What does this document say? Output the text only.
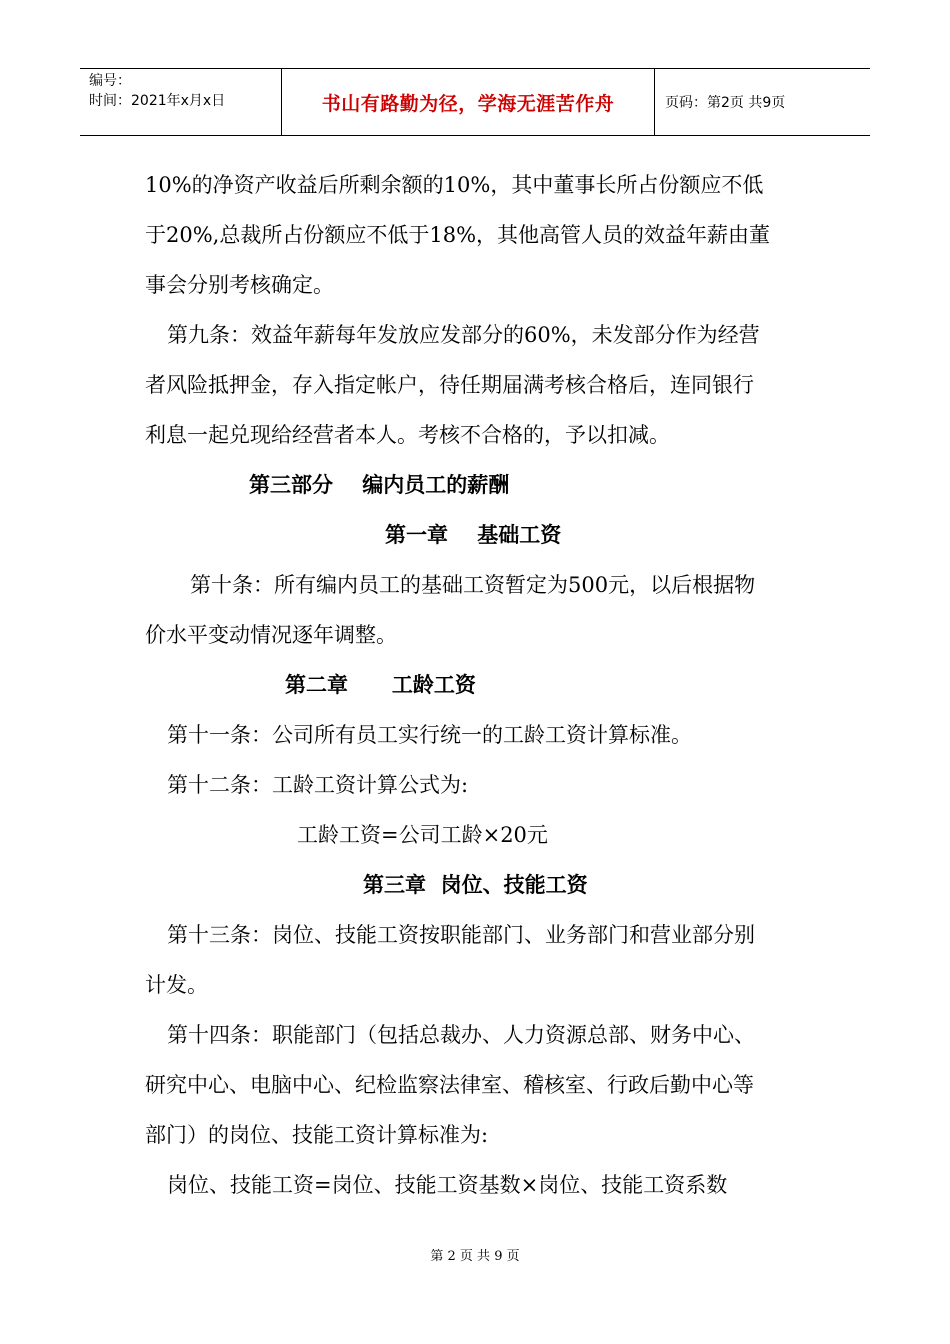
编号：
时间：2021年x月x日	书山有路勤为径，学海无涯苦作舟	页码：第2页 共9页

10%的净资产收益后所剩余额的10%，其中董事长所占份额应不低

于20%,总裁所占份额应不低于18%，其他高管人员的效益年薪由董

事会分别考核确定。

第九条：效益年薪每年发放应发部分的60%，未发部分作为经营

者风险抵押金，存入指定帐户，待任期届满考核合格后，连同银行

利息一起兑现给经营者本人。考核不合格的，予以扣减。

第三部分    编内员工的薪酬

第一章    基础工资

第十条：所有编内员工的基础工资暂定为500元，以后根据物

价水平变动情况逐年调整。

第二章      工龄工资

第十一条：公司所有员工实行统一的工龄工资计算标准。

第十二条：工龄工资计算公式为:

工龄工资=公司工龄×20元

第三章  岗位、技能工资

第十三条：岗位、技能工资按职能部门、业务部门和营业部分别

计发。

第十四条：职能部门（包括总裁办、人力资源总部、财务中心、

研究中心、电脑中心、纪检监察法律室、稽核室、行政后勤中心等

部门）的岗位、技能工资计算标准为:

岗位、技能工资=岗位、技能工资基数×岗位、技能工资系数

第 2 页 共 9 页
